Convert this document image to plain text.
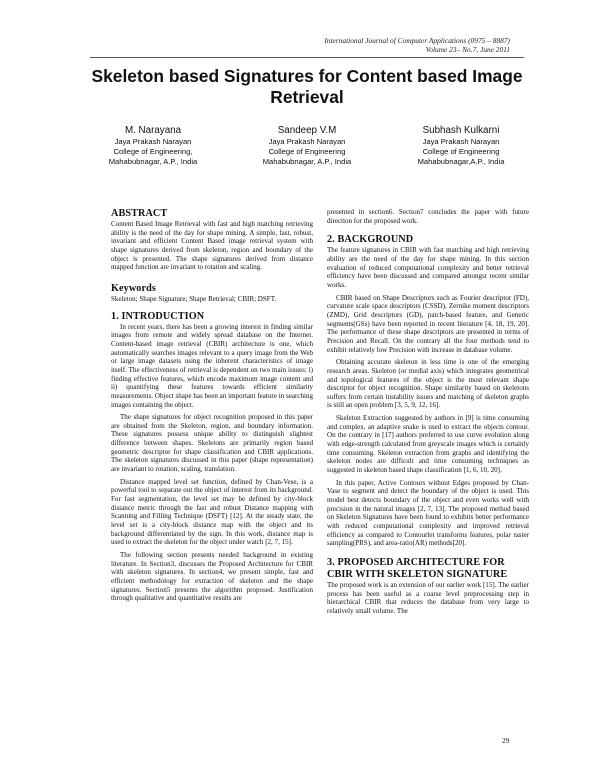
International Journal of Computer Applications (0975 – 8887)
Volume 23– No.7, June 2011
Skeleton based Signatures for Content based Image
Retrieval
M. Narayana
Jaya Prakash Narayan
College of Engineering,
Mahabubnagar, A.P., India
Sandeep V.M
Jaya Prakash Narayan
College of Engineering
Mahabubnagar, A.P., India
Subhash Kulkarni
Jaya Prakash Narayan
College of Engineering
Mahabubnagar,A.P., India
ABSTRACT

Content Based Image Retrieval with fast and high matching retrieving ability is the need of the day for shape mining. A simple, fast, robust, invariant and efficient Content Based image retrieval system with shape signatures derived from skeleton, region and boundary of the object is presented. The shape signatures derived from distance mapped function are invariant to rotation and scaling.

Keywords

Skeleton; Shape Signature; Shape Retrieval; CBIR; DSFT.

1. INTRODUCTION

In recent years, there has been a growing interest in finding similar images from remote and widely spread database on the Internet. Content-based image retrieval (CBIR) architecture is one, which automatically searches images relevant to a query image from the Web or large image datasets using the inherent characteristics of image itself. The effectiveness of retrieval is dependent on two main issues: i) finding effective features, which encode maximum image content and ii) quantifying these features towards efficient similarity measurements. Object shape has been an important feature in searching images containing the object.

The shape signatures for object recognition proposed in this paper are obtained from the Skeleton, region, and boundary information. These signatures possess unique ability to distinguish slightest difference between shapes. Skeletons are primarily region based geometric descriptor for shape classification and CBIR applications. The skeleton signatures discussed in this paper (shape representation) are invariant to rotation, scaling, translation.

Distance mapped level set function, defined by Chan-Vese, is a powerful tool to separate out the object of interest from its background. For fast segmentation, the level set may be defined by city-block distance metric through the fast and robust Distance mapping with Scanning and Filling Technique (DSFT) [12]. At the steady state, the level set is a city-block distance map with the object and its background differentiated by the sign. In this work, distance map is used to extract the skeleton for the object under watch [2, 7, 15].

The following section presents needed background in existing literature. In Section3, discusses the Proposed Architecture for CBIR with skeleton signatures. In section4, we present simple, fast and efficient methodology for extraction of skeleton and the shape signatures. Section5 presents the algorithm proposed. Justification through qualitative and quantitative results are

presented in section6. Section7 concludes the paper with future direction for the proposed work.

2. BACKGROUND

The feature signatures in CBIR with fast matching and high retrieving ability are the need of the day for shape mining. In this section evaluation of reduced computational complexity and better retrieval efficiency have been discussed and compared amongst recent similar works.

CBIR based on Shape Descriptors such as Fourier descriptor (FD), curvature scale space descriptors (CSSD), Zernike moment descriptors (ZMD), Grid descriptors (GD), patch-based feature, and Generic segments(GSs) have been reported in recent literature [4, 18, 19, 20]. The performance of these shape descriptors are presented in terms of Precision and Recall. On the contrary all the four methods tend to exhibit relatively low Precision with increase in database volume.

Obtaining accurate skeleton in less time is one of the emerging research areas. Skeleton (or medial axis) which integrates geometrical and topological features of the object is the most relevant shape descriptor for object recognition. Shape similarity based on skeletons suffers from certain instability issues and matching of skeleton graphs is still an open problem [3, 5, 9, 12, 16].

Skeleton Extraction suggested by authors in [9] is time consuming and complex, an adaptive snake is used to extract the objects contour. On the contrary in [17] authors preferred to use curve evolution along with edge-strength calculated from greyscale images which is certainly time consuming. Skeleton extraction from graphs and identifying the skeleton nodes are difficult and time consuming techniques as suggested in skeleton based shape classification [1, 6, 10, 20].

In this paper, Active Contours without Edges proposed by Chan-Vase to segment and detect the boundary of the object is used. This model best detects boundary of the object and even works well with precision in the natural images [2, 7, 13]. The proposed method based on Skeleton Signatures have been found to exhibits better performance with reduced computational complexity and improved retrieval efficiency as compared to Contourlet transforms features, polar raster sampling(PRS), and area-ratio(AR) methods[20].

3. PROPOSED ARCHITECTURE FOR
CBIR WITH SKELETON SIGNATURE

The proposed work is an extension of our earlier work [15]. The earlier process has been useful as a coarse level preprocessing step in hierarchical CBIR that reduces the database from very large to relatively small volume. The

29
